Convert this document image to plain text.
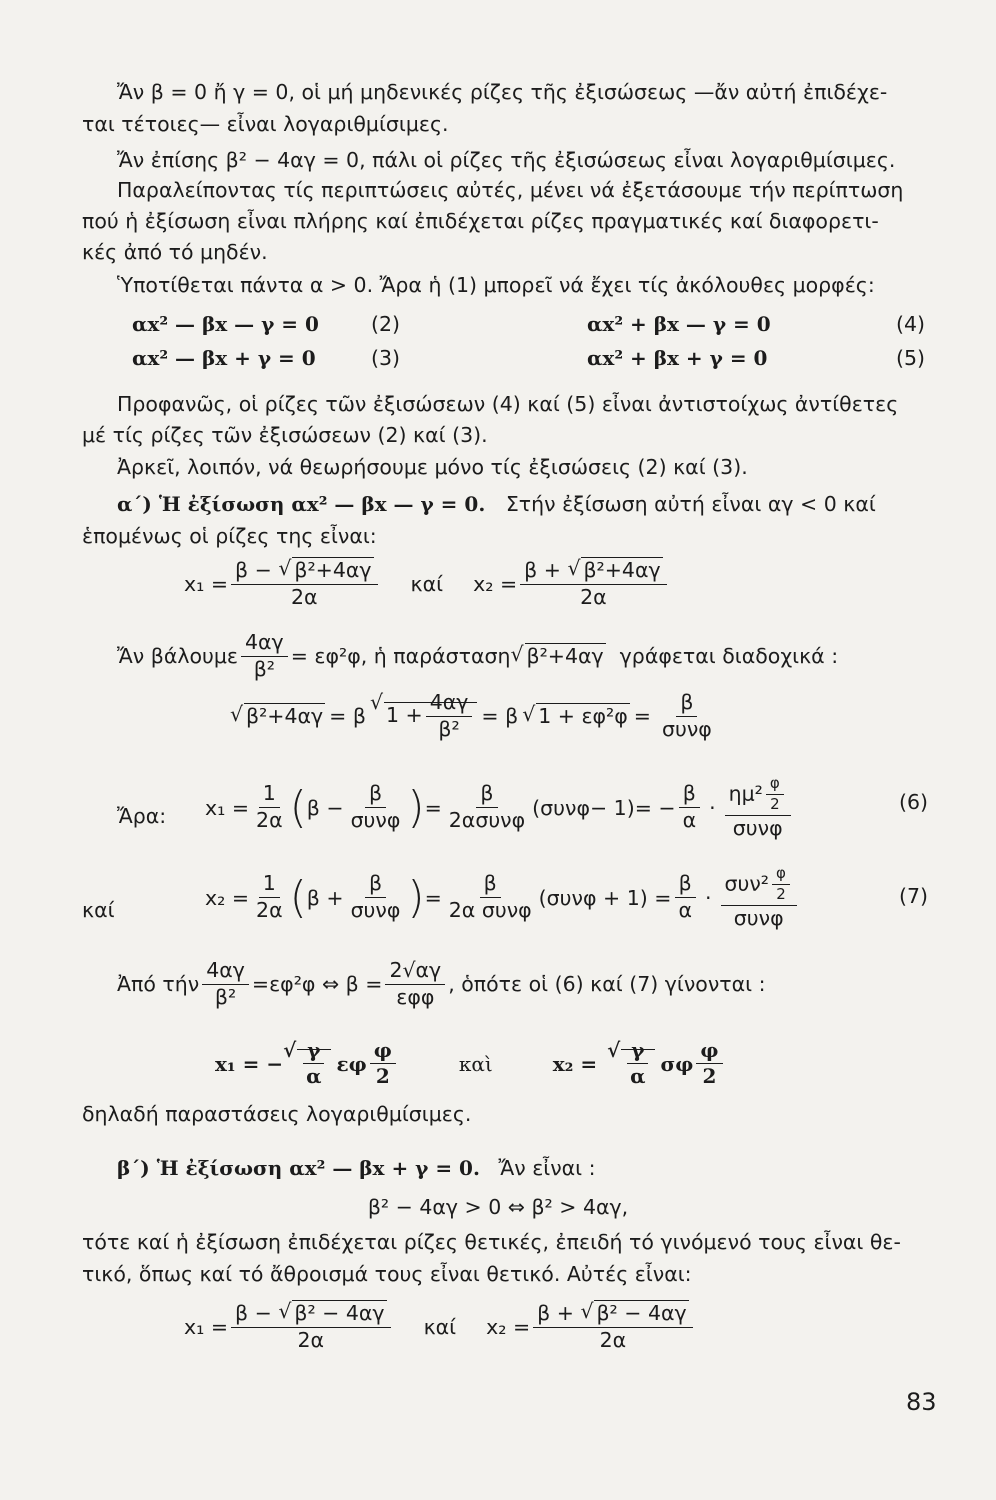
Ἄν β = 0 ἤ γ = 0, οἱ μή μηδενικές ρίζες τῆς ἐξισώσεως —ἄν αὐτή ἐπιδέχε-
ται τέτοιες— εἶναι λογαριθμίσιμες.
Ἄν ἐπίσης β² − 4αγ = 0, πάλι οἱ ρίζες τῆς ἐξισώσεως εἶναι λογαριθμίσιμες.
Παραλείποντας τίς περιπτώσεις αὐτές, μένει νά ἐξετάσουμε τήν περίπτωση
πού ἡ ἐξίσωση εἶναι πλήρης καί ἐπιδέχεται ρίζες πραγματικές καί διαφορετι-
κές ἀπό τό μηδέν.
Ὑποτίθεται πάντα α > 0. Ἄρα ἡ (1) μπορεῖ νά ἔχει τίς ἀκόλουθες μορφές:
αx² — βx — γ = 0	(2)	αx² + βx — γ = 0	(4)
αx² — βx + γ = 0	(3)	αx² + βx + γ = 0	(5)
Προφανῶς, οἱ ρίζες τῶν ἐξισώσεων (4) καί (5) εἶναι ἀντιστοίχως ἀντίθετες
μέ τίς ρίζες τῶν ἐξισώσεων (2) καί (3).
Ἀρκεῖ, λοιπόν, νά θεωρήσουμε μόνο τίς ἐξισώσεις (2) καί (3).
α΄) Ἡ ἐξίσωση αx² — βx — γ = 0. Στήν ἐξίσωση αὐτή εἶναι αγ < 0 καί
ἑπομένως οἱ ρίζες της εἶναι:
$x_1 = \frac{\text{β − √ β²+4αγ}}{2\alpha}$ καί $x_2 = \frac{\text{β + √ β²+4αγ}}{2\alpha}$
Ἄν βάλουμε $\frac{4\alpha\gamma}{\text{β²}} = \varepsilon\varphi^2\varphi$, ἡ παράσταση √ β²+4αγ γράφεται διαδοχικά :
√ β²+4αγ = β √ $1 + \frac{4\alpha\gamma}{\text{β²}} = \beta$ √ $1 + \varepsilon\varphi^2\varphi = \frac{\beta}{\text{συνφ}}$
Ἄρα: $x_1 = \frac{1}{2\alpha}$ ( $\beta - \frac{\beta}{\text{συνφ}}$ ) = $\frac{\beta}{\text{2ασυνφ}} (\sigma\upsilon\nu\varphi- 1)= - \frac{\beta}{\alpha} \cdot \frac{\eta\mu^2 \frac{\varphi}{2}}{\text{συνφ}}$	(6)
καί
$x_2 = \frac{1}{2\alpha}$ ( $\beta + \frac{\beta}{\text{συνφ}}$ ) = $\frac{\beta}{\text{2α συνφ}} (\sigma\upsilon\nu\varphi + 1) = \frac{\beta}{\alpha} \cdot \frac{\sigma\upsilon\nu^2 \frac{\varphi}{2}}{\text{συνφ}}$	(7)
Ἀπό τήν $\frac{4\alpha\gamma}{\text{β²}} =\varepsilon\varphi^2\varphi$ ⇔ $\beta = \frac{2√\alpha\gamma}{\text{εφφ}}$ , ὁπότε οἱ (6) καί (7) γίνονται :
x₁ = − √ $\frac{\gamma}{\alpha}$ εφ $\frac{\varphi}{2}$	καὶ	x₂ = √ $\frac{\gamma}{\alpha}$ σφ $\frac{\varphi}{2}$
δηλαδή παραστάσεις λογαριθμίσιμες.
β΄) Ἡ ἐξίσωση αx² — βx + γ = 0. Ἄν εἶναι :
β² − 4αγ > 0 ⇔ β² > 4αγ,
τότε καί ἡ ἐξίσωση ἐπιδέχεται ρίζες θετικές, ἐπειδή τό γινόμενό τους εἶναι θε-
τικό, ὅπως καί τό ἄθροισμά τους εἶναι θετικό. Αὐτές εἶναι:
$x_1 = \frac{\text{β − √ β² − 4αγ}}{2\alpha}$ καί $x_2 = \frac{\text{β + √ β² − 4αγ}}{2\alpha}$
83
